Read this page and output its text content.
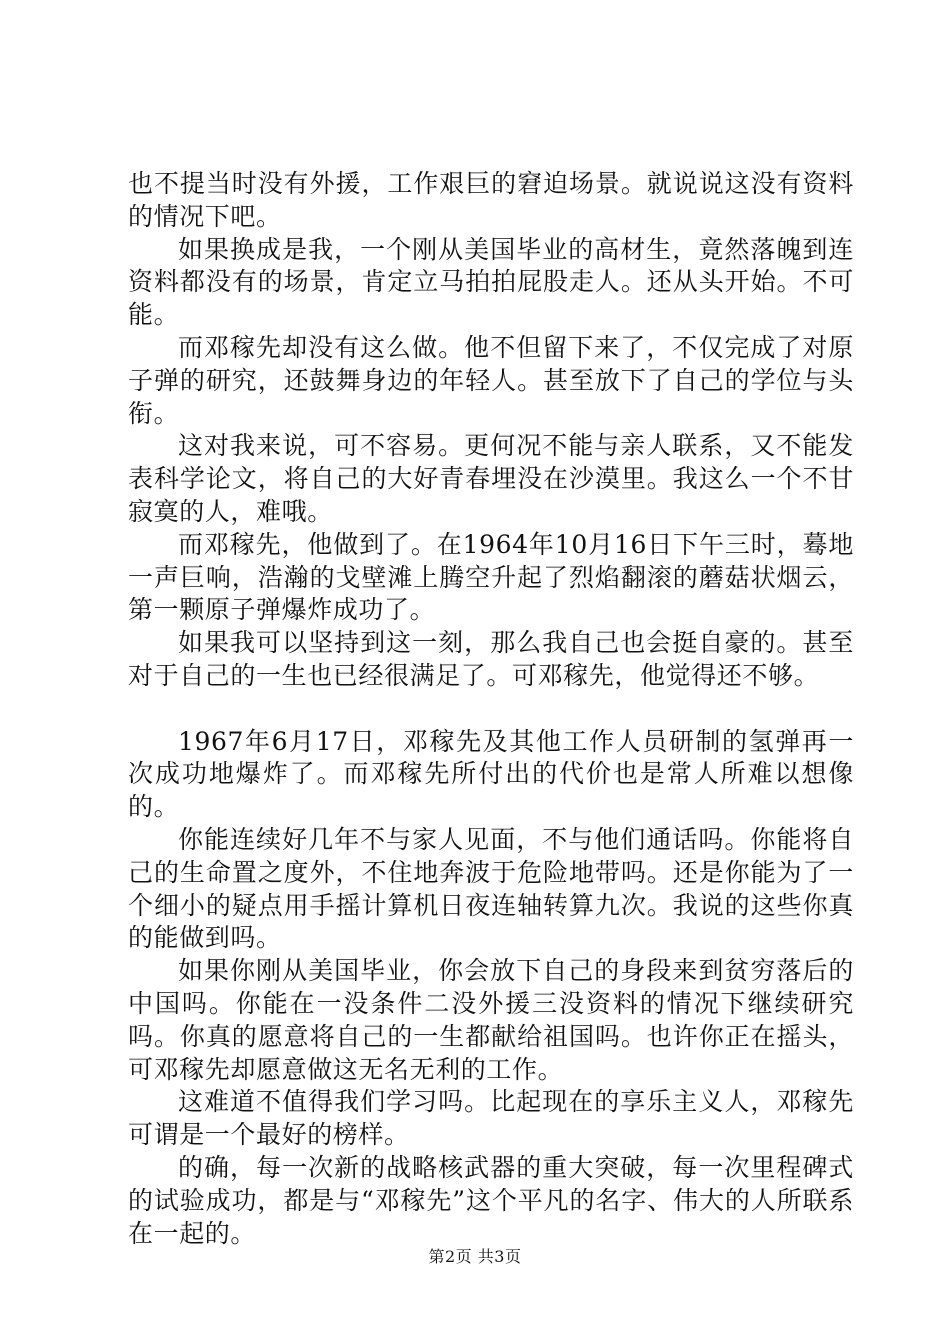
也不提当时没有外援，工作艰巨的窘迫场景。就说说这没有资料的情况下吧。

如果换成是我，一个刚从美国毕业的高材生，竟然落魄到连资料都没有的场景，肯定立马拍拍屁股走人。还从头开始。不可能。

而邓稼先却没有这么做。他不但留下来了，不仅完成了对原子弹的研究，还鼓舞身边的年轻人。甚至放下了自己的学位与头衔。

这对我来说，可不容易。更何况不能与亲人联系，又不能发表科学论文，将自己的大好青春埋没在沙漠里。我这么一个不甘寂寞的人，难哦。

而邓稼先，他做到了。在1964年10月16日下午三时，蓦地一声巨响，浩瀚的戈壁滩上腾空升起了烈焰翻滚的蘑菇状烟云，第一颗原子弹爆炸成功了。

如果我可以坚持到这一刻，那么我自己也会挺自豪的。甚至对于自己的一生也已经很满足了。可邓稼先，他觉得还不够。

1967年6月17日，邓稼先及其他工作人员研制的氢弹再一次成功地爆炸了。而邓稼先所付出的代价也是常人所难以想像的。

你能连续好几年不与家人见面，不与他们通话吗。你能将自己的生命置之度外，不住地奔波于危险地带吗。还是你能为了一个细小的疑点用手摇计算机日夜连轴转算九次。我说的这些你真的能做到吗。

如果你刚从美国毕业，你会放下自己的身段来到贫穷落后的中国吗。你能在一没条件二没外援三没资料的情况下继续研究吗。你真的愿意将自己的一生都献给祖国吗。也许你正在摇头，可邓稼先却愿意做这无名无利的工作。

这难道不值得我们学习吗。比起现在的享乐主义人，邓稼先可谓是一个最好的榜样。

的确，每一次新的战略核武器的重大突破，每一次里程碑式的试验成功，都是与“邓稼先”这个平凡的名字、伟大的人所联系在一起的。

第2页 共3页
